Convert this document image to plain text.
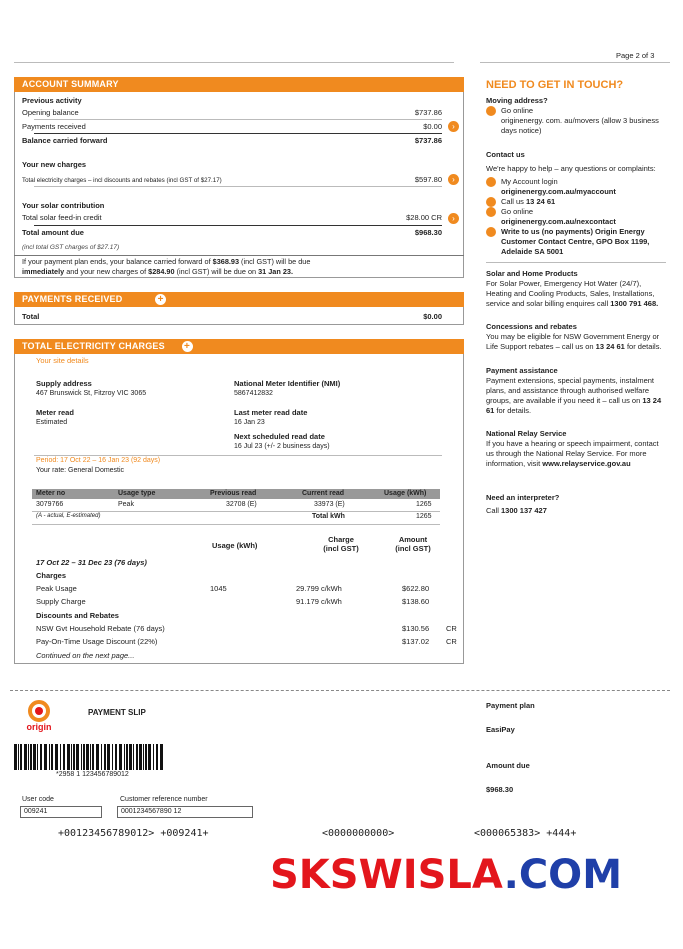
Page 2 of 3
ACCOUNT SUMMARY
Previous activity
Opening balance	$737.86
Payments received	$0.00	›
Balance carried forward	$737.86
Your new charges
Total electricity charges – incl discounts and rebates (incl GST of $27.17)	$597.80	›
Your solar contribution
Total solar feed-in credit	$28.00 CR	›
Total amount due	$968.30
(incl total GST charges of $27.17)
If your payment plan ends, your balance carried forward of $368.93 (incl GST) will be due
immediately and your new charges of $284.90 (incl GST) will be due on 31 Jan 23.
PAYMENTS RECEIVED	+
Total	$0.00
TOTAL ELECTRICITY CHARGES +
Your site details
Supply address
467 Brunswick St, Fitzroy VIC 3065
National Meter Identifier (NMI)
5867412832
Meter read
Estimated
Last meter read date
16 Jan 23
Next scheduled read date
16 Jul 23 (+/- 2 business days)
Period: 17 Oct 22 – 16 Jan 23 (92 days)
Your rate: General Domestic
Meter no	Usage type	Previous read	Current read	Usage (kWh)
3079766	Peak	32708 (E)	33973 (E)	1265
(A - actual, E-estimated)	Total kWh	1265
Usage (kWh)
Charge
(incl GST)
Amount
(incl GST)
17 Oct 22 – 31 Dec 23 (76 days)
Charges
Peak Usage	1045	29.799 c/kWh	$622.80
Supply Charge	91.179 c/kWh	$138.60
Discounts and Rebates
NSW Gvt Household Rebate (76 days)	$130.56 CR
Pay-On-Time Usage Discount (22%)	$137.02 CR
Continued on the next page...
NEED TO GET IN TOUCH?
Moving address?
Go online
originenergy. com. au/movers (allow 3 business days notice)
Contact us
We're happy to help – any questions or complaints:
My Account login
originenergy.com.au/myaccount
Call us 13 24 61
Go online
originenergy.com.au/nexcontact
Write to us (no payments) Origin Energy Customer Contact Centre, GPO Box 1199, Adelaide SA 5001
Solar and Home Products
For Solar Power, Emergency Hot Water (24/7), Heating and Cooling Products, Sales, Installations, service and solar billing enquires call 1300 791 468.
Concessions and rebates
You may be eligible for NSW Government Energy or Life Support rebates – call us on 13 24 61 for details.
Payment assistance
Payment extensions, special payments, instalment plans, and assistance through authorised welfare groups, are available if you need it – call us on 13 24 61 for details.
National Relay Service
If you have a hearing or speech impairment, contact us through the National Relay Service. For more information, visit www.relayservice.gov.au
Need an interpreter?
Call 1300 137 427
origin
PAYMENT SLIP
*2958 1 123456789012
User code
009241
Customer reference number
0001234567890 12
Payment plan
EasiPay
Amount due
$968.30
+00123456789012> +009241+	<0000000000>	<000065383> +444+
SKSWISLA.COM
